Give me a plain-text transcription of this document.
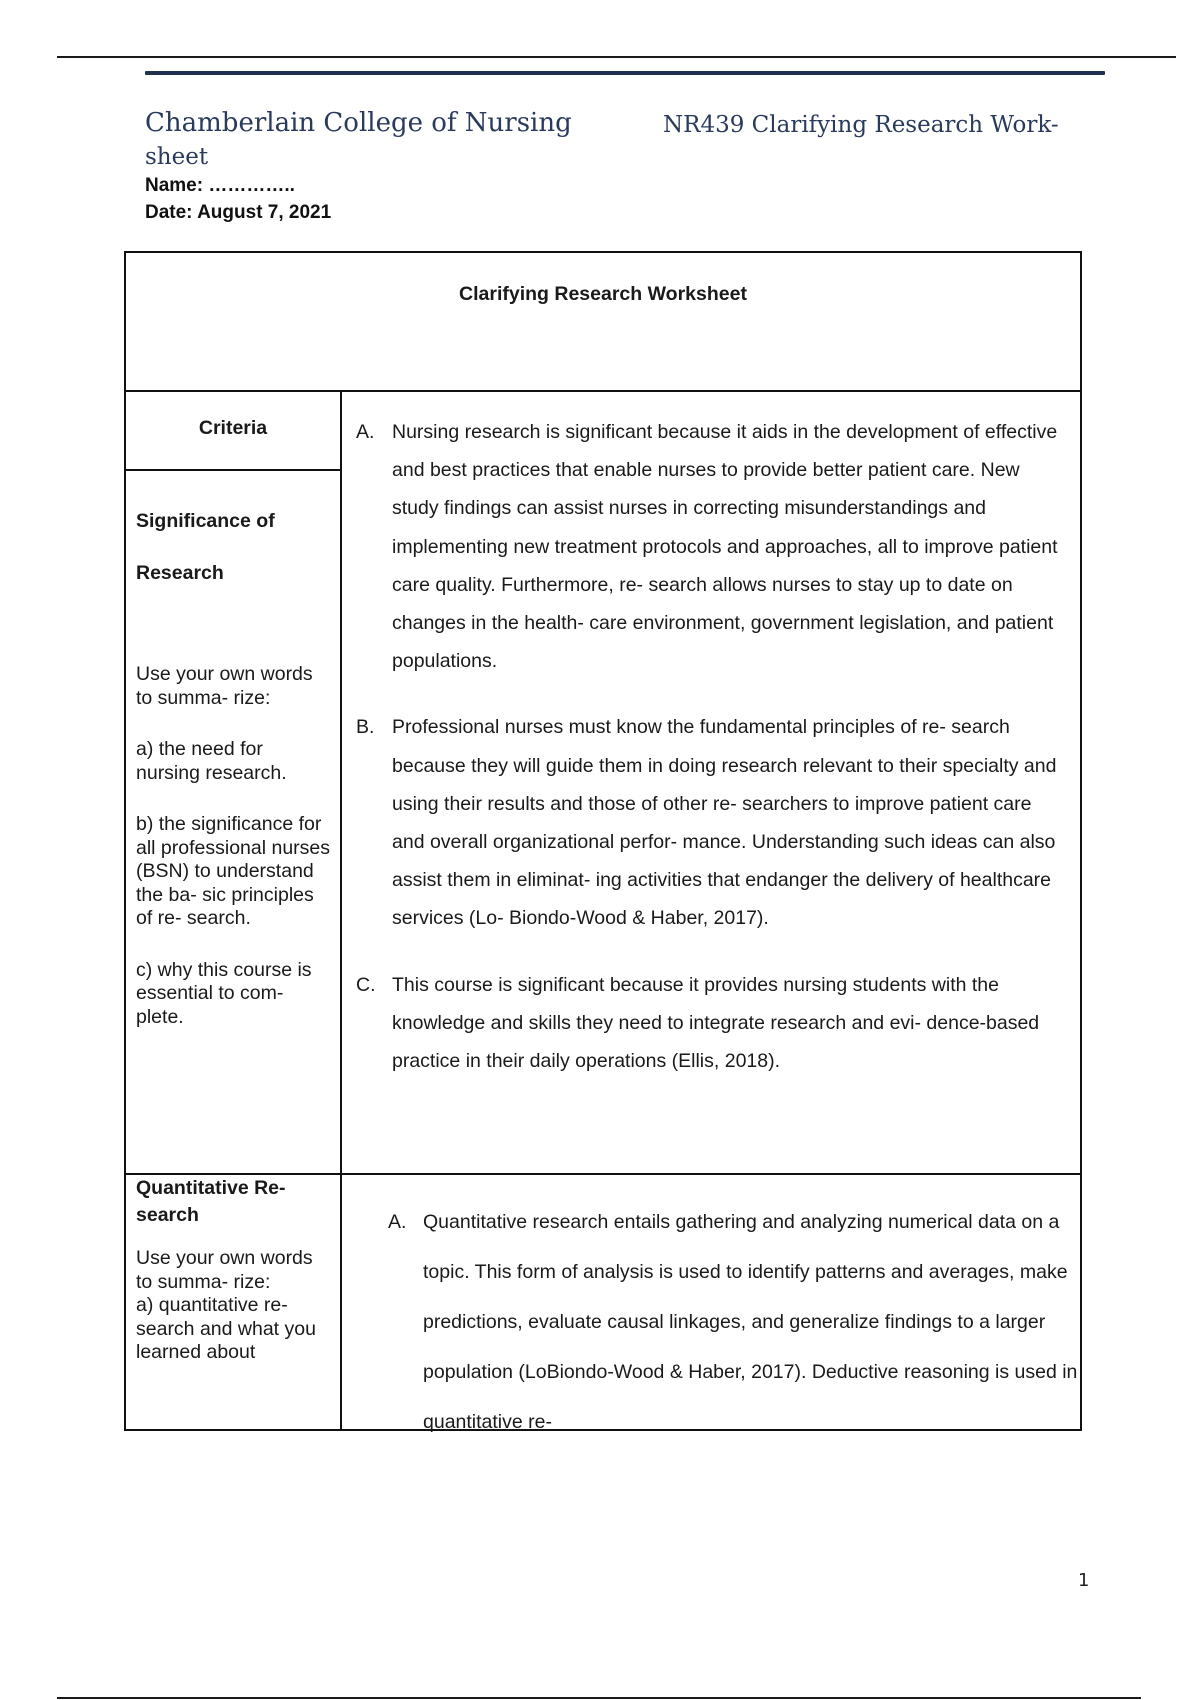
Chamberlain College of Nursing	NR439 Clarifying Research Work-
sheet
Name: …………..
Date: August 7, 2021
Clarifying Research Worksheet
Criteria
Significance of
Research

Use your own words to summa- rize:

a) the need for nursing research.

b) the significance for all professional nurses (BSN) to understand the ba- sic principles of re- search.

c) why this course is essential to com- plete.

A. Nursing research is significant because it aids in the development of effective and best practices that enable nurses to provide better patient care. New study findings can assist nurses in correcting misunderstandings and implementing new treatment protocols and approaches, all to improve patient care quality. Furthermore, re- search allows nurses to stay up to date on changes in the health- care environment, government legislation, and patient populations.
B. Professional nurses must know the fundamental principles of re- search because they will guide them in doing research relevant to their specialty and using their results and those of other re- searchers to improve patient care and overall organizational perfor- mance. Understanding such ideas can also assist them in eliminat- ing activities that endanger the delivery of healthcare services (Lo- Biondo-Wood & Haber, 2017).
C. This course is significant because it provides nursing students with the knowledge and skills they need to integrate research and evi- dence-based practice in their daily operations (Ellis, 2018).
Quantitative Re- search
Use your own words to summa- rize:
a) quantitative re- search and what you learned about
A. Quantitative research entails gathering and analyzing numerical data on a topic. This form of analysis is used to identify patterns and averages, make predictions, evaluate causal linkages, and generalize findings to a larger population (LoBiondo-Wood & Haber, 2017). Deductive reasoning is used in quantitative re-
1
